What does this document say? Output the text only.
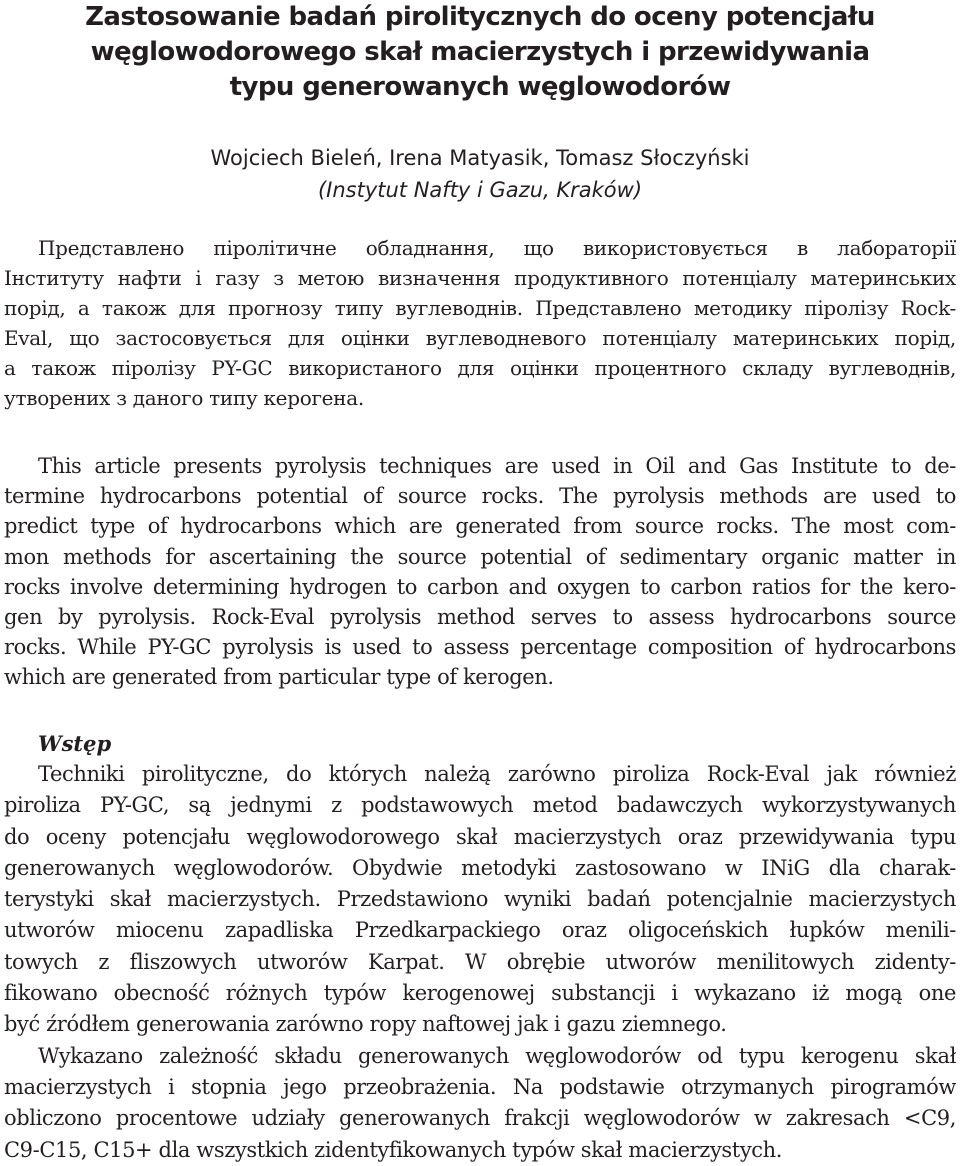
Zastosowanie badań pirolitycznych do oceny potencjału
węglowodorowego skał macierzystych i przewidywania
typu generowanych węglowodorów
Wojciech Bieleń, Irena Matyasik, Tomasz Słoczyński
(Instytut Nafty i Gazu, Kraków)

Представлено піролітичне обладнання, що використовується в лабораторії
Інституту нафти і газу з метою визначення продуктивного потенціалу материнських
порід, а також для прогнозу типу вуглеводнів. Представлено методику піролізу Rock-
Eval, що застосовується для оцінки вуглеводневого потенціалу материнських порід,
а також піролізу PY-GC використаного для оцінки процентного складу вуглеводнів,
утворених з даного типу керогена.

This article presents pyrolysis techniques are used in Oil and Gas Institute to de-
termine hydrocarbons potential of source rocks. The pyrolysis methods are used to
predict type of hydrocarbons which are generated from source rocks. The most com-
mon methods for ascertaining the source potential of sedimentary organic matter in
rocks involve determining hydrogen to carbon and oxygen to carbon ratios for the kero-
gen by pyrolysis. Rock-Eval pyrolysis method serves to assess hydrocarbons source
rocks. While PY-GC pyrolysis is used to assess percentage composition of hydrocarbons
which are generated from particular type of kerogen.

Wstęp
Techniki pirolityczne, do których należą zarówno piroliza Rock-Eval jak również
piroliza PY-GC, są jednymi z podstawowych metod badawczych wykorzystywanych
do oceny potencjału węglowodorowego skał macierzystych oraz przewidywania typu
generowanych węglowodorów. Obydwie metodyki zastosowano w INiG dla charak-
terystyki skał macierzystych. Przedstawiono wyniki badań potencjalnie macierzystych
utworów miocenu zapadliska Przedkarpackiego oraz oligoceńskich łupków menili-
towych z fliszowych utworów Karpat. W obrębie utworów menilitowych zidenty-
fikowano obecność różnych typów kerogenowej substancji i wykazano iż mogą one
być źródłem generowania zarówno ropy naftowej jak i gazu ziemnego.
Wykazano zależność składu generowanych węglowodorów od typu kerogenu skał
macierzystych i stopnia jego przeobrażenia. Na podstawie otrzymanych pirogramów
obliczono procentowe udziały generowanych frakcji węglowodorów w zakresach <C9,
C9-C15, C15+ dla wszystkich zidentyfikowanych typów skał macierzystych.
